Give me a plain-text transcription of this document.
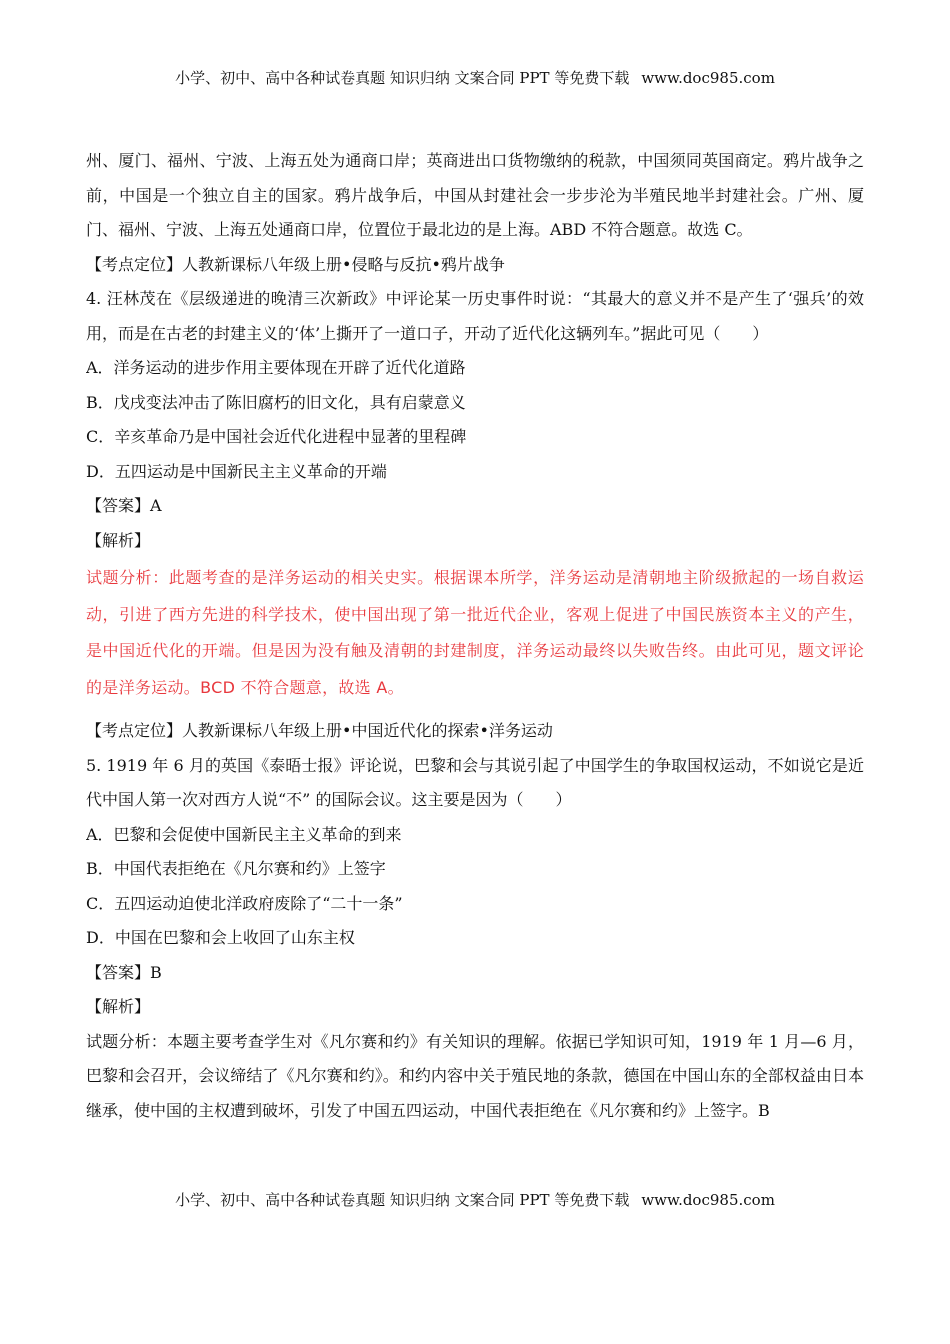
小学、初中、高中各种试卷真题 知识归纳 文案合同 PPT 等免费下载 www.doc985.com

州、厦门、福州、宁波、上海五处为通商口岸；英商进出口货物缴纳的税款，中国须同英国商定。鸦片战争之前，中国是一个独立自主的国家。鸦片战争后，中国从封建社会一步步沦为半殖民地半封建社会。广州、厦门、福州、宁波、上海五处通商口岸，位置位于最北边的是上海。ABD 不符合题意。故选 C。

【考点定位】人教新课标八年级上册•侵略与反抗•鸦片战争

4. 汪林茂在《层级递进的晚清三次新政》中评论某一历史事件时说：“其最大的意义并不是产生了‘强兵’的效用，而是在古老的封建主义的‘体’上撕开了一道口子，开动了近代化这辆列车。”据此可见（　　）

A．洋务运动的进步作用主要体现在开辟了近代化道路

B．戊戌变法冲击了陈旧腐朽的旧文化，具有启蒙意义

C．辛亥革命乃是中国社会近代化进程中显著的里程碑

D．五四运动是中国新民主主义革命的开端

【答案】A

【解析】

试题分析：此题考查的是洋务运动的相关史实。根据课本所学，洋务运动是清朝地主阶级掀起的一场自救运动，引进了西方先进的科学技术，使中国出现了第一批近代企业，客观上促进了中国民族资本主义的产生，是中国近代化的开端。但是因为没有触及清朝的封建制度，洋务运动最终以失败告终。由此可见，题文评论的是洋务运动。BCD 不符合题意，故选 A。

【考点定位】人教新课标八年级上册•中国近代化的探索•洋务运动

5. 1919 年 6 月的英国《泰晤士报》评论说，巴黎和会与其说引起了中国学生的争取国权运动，不如说它是近代中国人第一次对西方人说“不” 的国际会议。这主要是因为（　　）

A．巴黎和会促使中国新民主主义革命的到来

B．中国代表拒绝在《凡尔赛和约》上签字

C．五四运动迫使北洋政府废除了“二十一条”

D．中国在巴黎和会上收回了山东主权

【答案】B

【解析】

试题分析：本题主要考查学生对《凡尔赛和约》有关知识的理解。依据已学知识可知，1919 年 1 月—6 月，巴黎和会召开，会议缔结了《凡尔赛和约》。和约内容中关于殖民地的条款，德国在中国山东的全部权益由日本继承，使中国的主权遭到破坏，引发了中国五四运动，中国代表拒绝在《凡尔赛和约》上签字。B

小学、初中、高中各种试卷真题 知识归纳 文案合同 PPT 等免费下载 www.doc985.com
